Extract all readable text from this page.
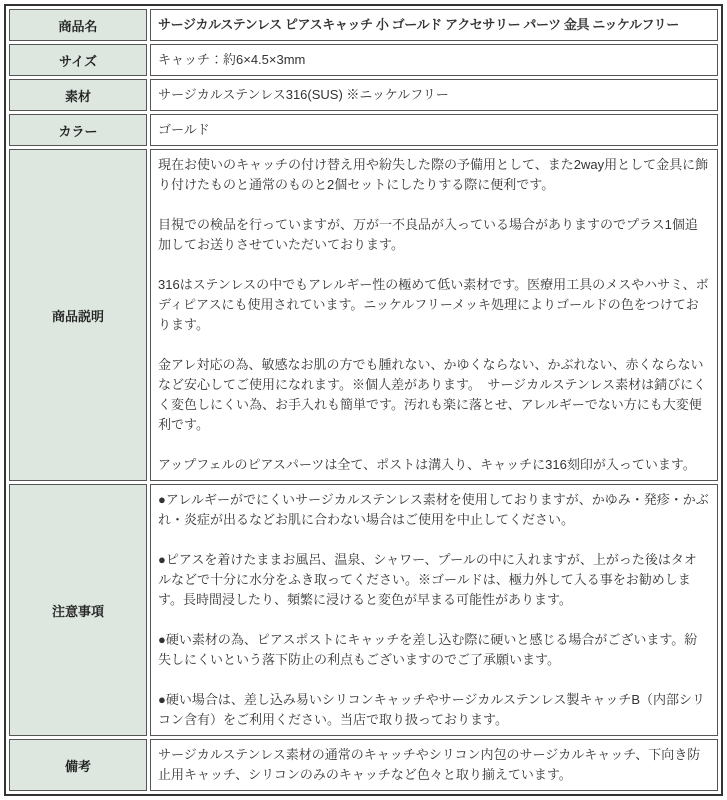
商品名	サージカルステンレス ピアスキャッチ 小 ゴールド アクセサリー パーツ 金具 ニッケルフリー

サイズ	キャッチ：約6×4.5×3mm

素材	サージカルステンレス316(SUS) ※ニッケルフリー

カラー	ゴールド

商品説明	現在お使いのキャッチの付け替え用や紛失した際の予備用として、また2way用として金具に飾り付けたものと通常のものと2個セットにしたりする際に便利です。

目視での検品を行っていますが、万が一不良品が入っている場合がありますのでプラス1個追加してお送りさせていただいております。

316はステンレスの中でもアレルギー性の極めて低い素材です。医療用工具のメスやハサミ、ボディピアスにも使用されています。ニッケルフリーメッキ処理によりゴールドの色をつけております。

金アレ対応の為、敏感なお肌の方でも腫れない、かゆくならない、かぶれない、赤くならないなど安心してご使用になれます。※個人差があります。　サージカルステンレス素材は錆びにくく変色しにくい為、お手入れも簡単です。汚れも楽に落とせ、アレルギーでない方にも大変便利です。

アップフェルのピアスパーツは全て、ポストは溝入り、キャッチに316刻印が入っています。

注意事項	●アレルギーがでにくいサージカルステンレス素材を使用しておりますが、かゆみ・発疹・かぶれ・炎症が出るなどお肌に合わない場合はご使用を中止してください。

●ピアスを着けたままお風呂、温泉、シャワー、プールの中に入れますが、上がった後はタオルなどで十分に水分をふき取ってください。※ゴールドは、極力外して入る事をお勧めします。長時間浸したり、頻繁に浸けると変色が早まる可能性があります。

●硬い素材の為、ピアスポストにキャッチを差し込む際に硬いと感じる場合がございます。紛失しにくいという落下防止の利点もございますのでご了承願います。

●硬い場合は、差し込み易いシリコンキャッチやサージカルステンレス製キャッチB（内部シリコン含有）をご利用ください。当店で取り扱っております。

備考	サージカルステンレス素材の通常のキャッチやシリコン内包のサージカルキャッチ、下向き防止用キャッチ、シリコンのみのキャッチなど色々と取り揃えています。
